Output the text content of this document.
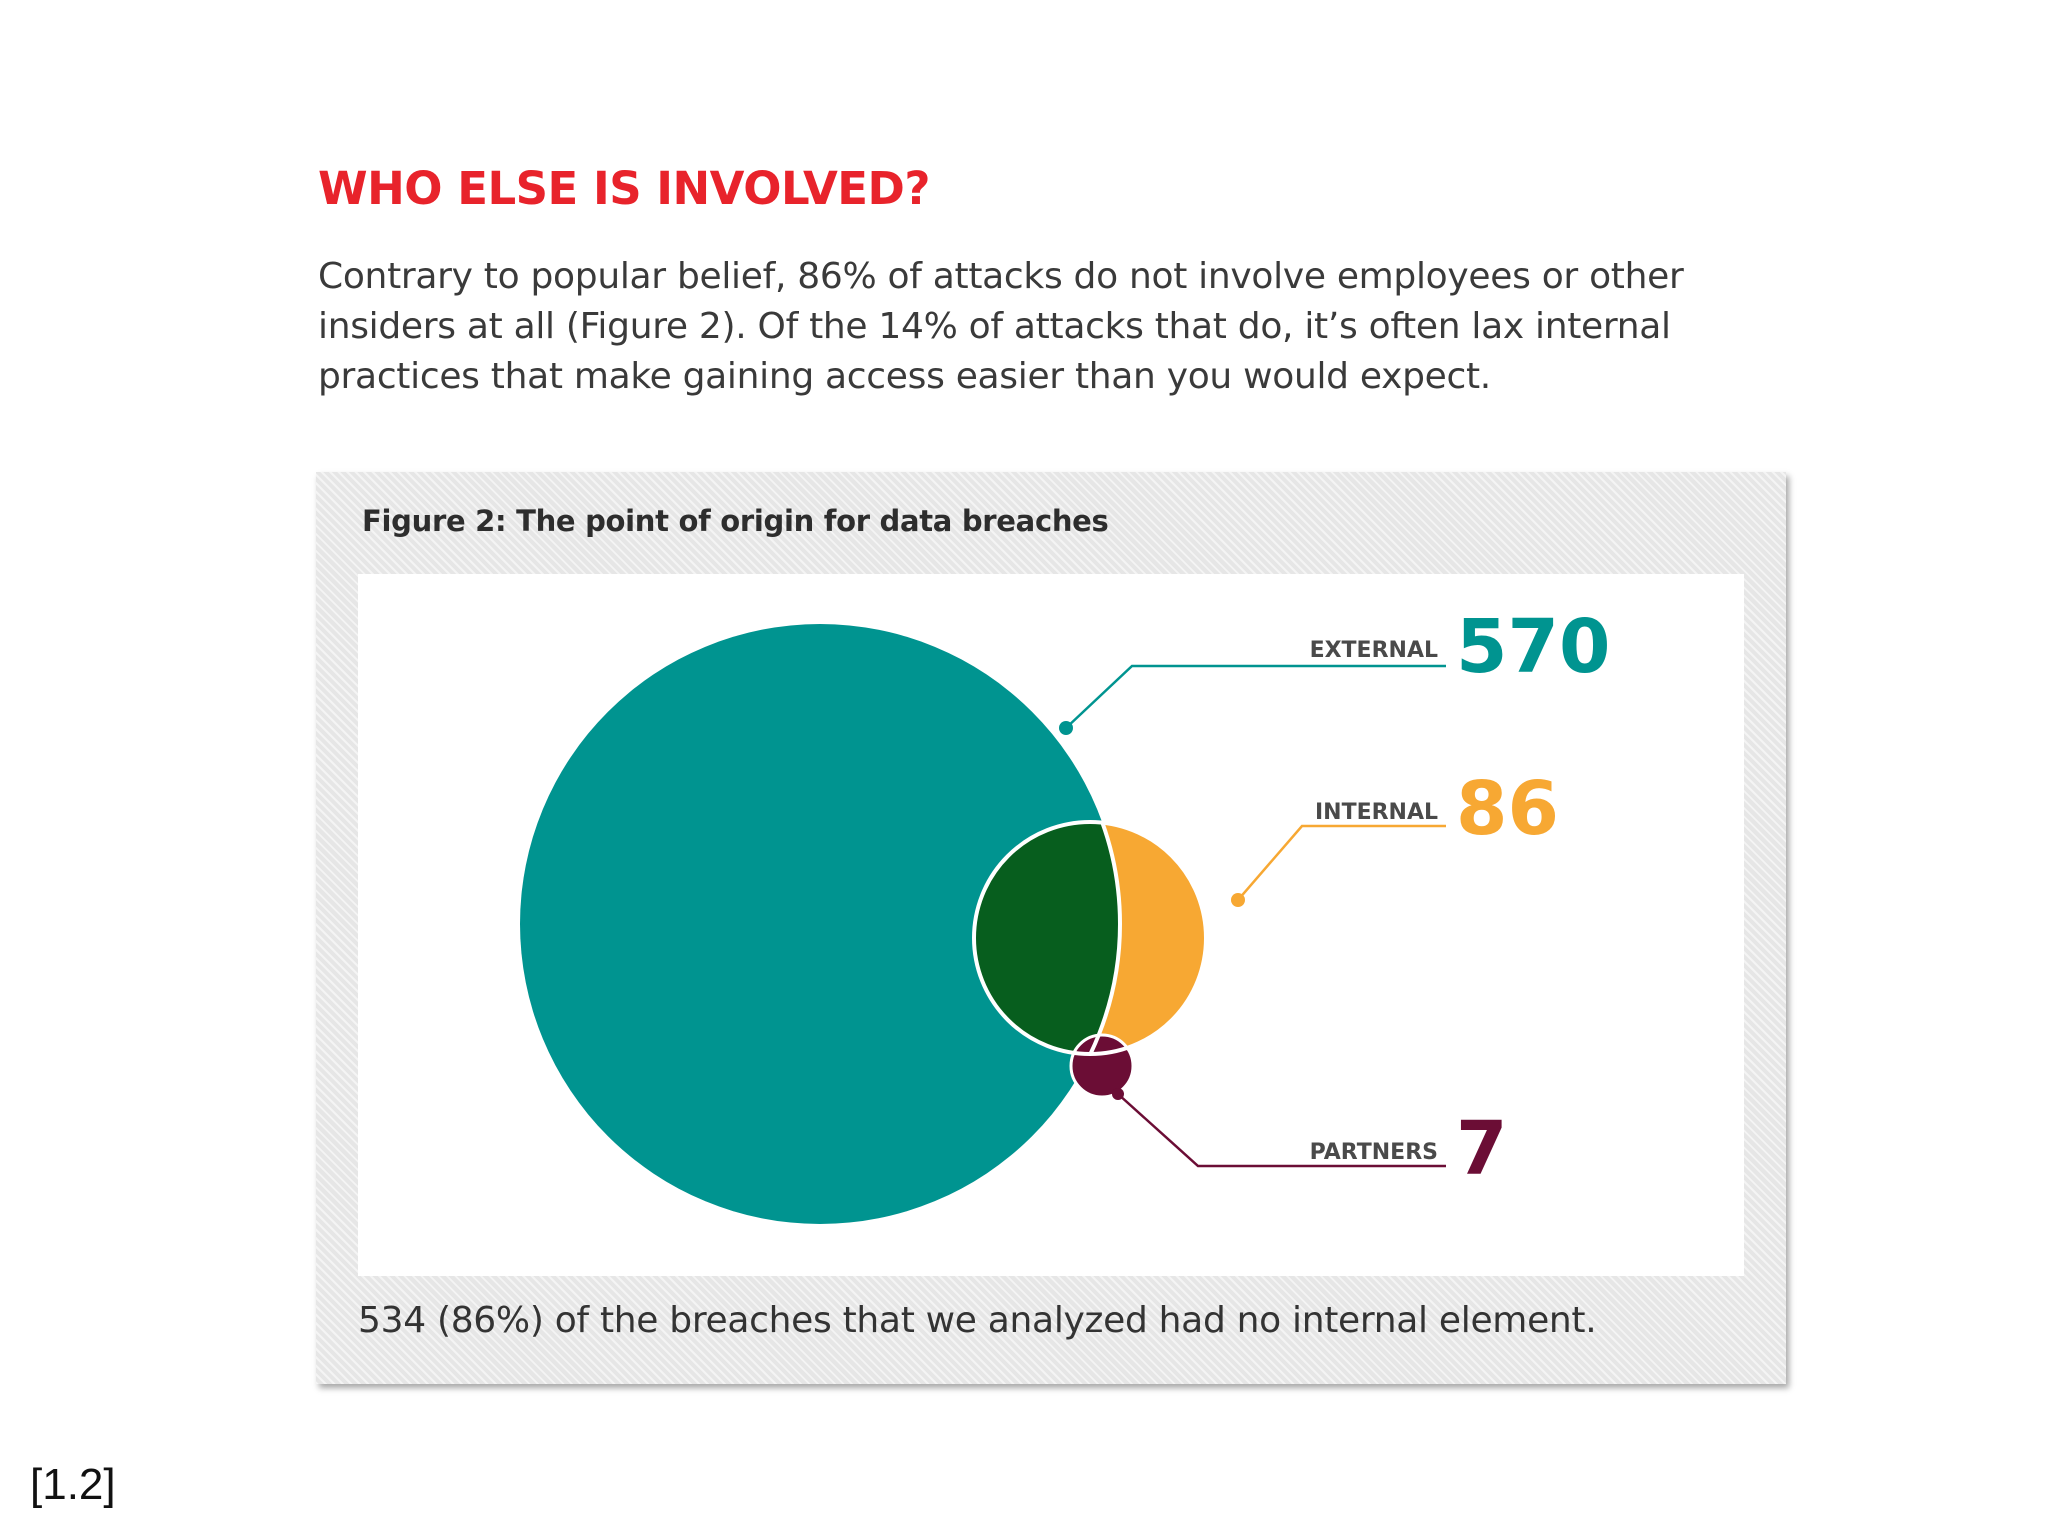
WHO ELSE IS INVOLVED?

Contrary to popular belief, 86% of attacks do not involve employees or other insiders at all (Figure 2). Of the 14% of attacks that do, it’s often lax internal practices that make gaining access easier than you would expect.

Figure 2: The point of origin for data breaches
EXTERNAL 570
INTERNAL 86
PARTNERS 7
534 (86%) of the breaches that we analyzed had no internal element.
[1.2]
